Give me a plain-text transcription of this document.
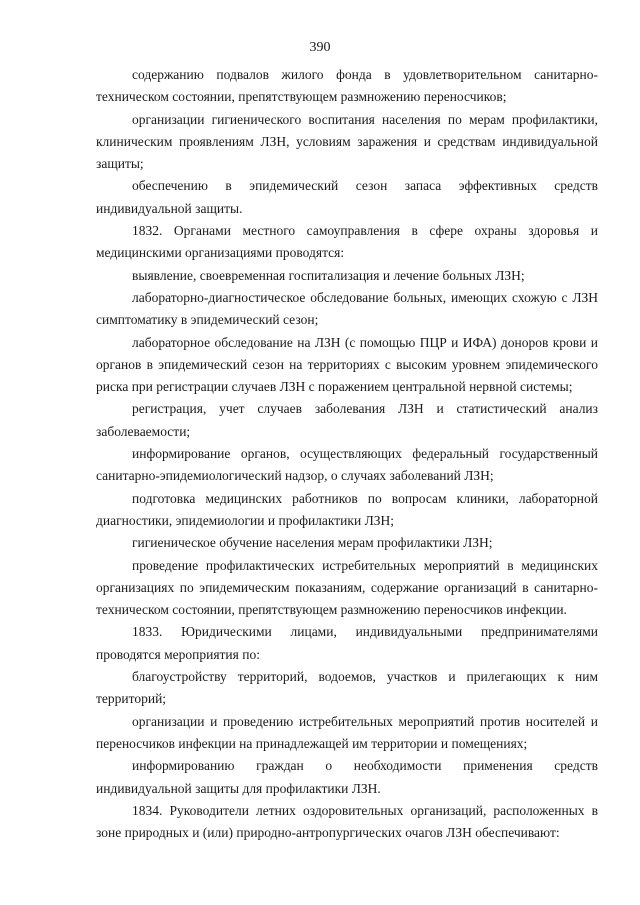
390

содержанию подвалов жилого фонда в удовлетворительном санитарно-техническом состоянии, препятствующем размножению переносчиков;

организации гигиенического воспитания населения по мерам профилактики, клиническим проявлениям ЛЗН, условиям заражения и средствам индивидуальной защиты;

обеспечению в эпидемический сезон запаса эффективных средств индивидуальной защиты.

1832. Органами местного самоуправления в сфере охраны здоровья и медицинскими организациями проводятся:

выявление, своевременная госпитализация и лечение больных ЛЗН;

лабораторно-диагностическое обследование больных, имеющих схожую с ЛЗН симптоматику в эпидемический сезон;

лабораторное обследование на ЛЗН (с помощью ПЦР и ИФА) доноров крови и органов в эпидемический сезон на территориях с высоким уровнем эпидемического риска при регистрации случаев ЛЗН с поражением центральной нервной системы;

регистрация, учет случаев заболевания ЛЗН и статистический анализ заболеваемости;

информирование органов, осуществляющих федеральный государственный санитарно-эпидемиологический надзор, о случаях заболеваний ЛЗН;

подготовка медицинских работников по вопросам клиники, лабораторной диагностики, эпидемиологии и профилактики ЛЗН;

гигиеническое обучение населения мерам профилактики ЛЗН;

проведение профилактических истребительных мероприятий в медицинских организациях по эпидемическим показаниям, содержание организаций в санитарно-техническом состоянии, препятствующем размножению переносчиков инфекции.

1833. Юридическими лицами, индивидуальными предпринимателями проводятся мероприятия по:

благоустройству территорий, водоемов, участков и прилегающих к ним территорий;

организации и проведению истребительных мероприятий против носителей и переносчиков инфекции на принадлежащей им территории и помещениях;

информированию граждан о необходимости применения средств индивидуальной защиты для профилактики ЛЗН.

1834. Руководители летних оздоровительных организаций, расположенных в зоне природных и (или) природно-антропургических очагов ЛЗН обеспечивают:
